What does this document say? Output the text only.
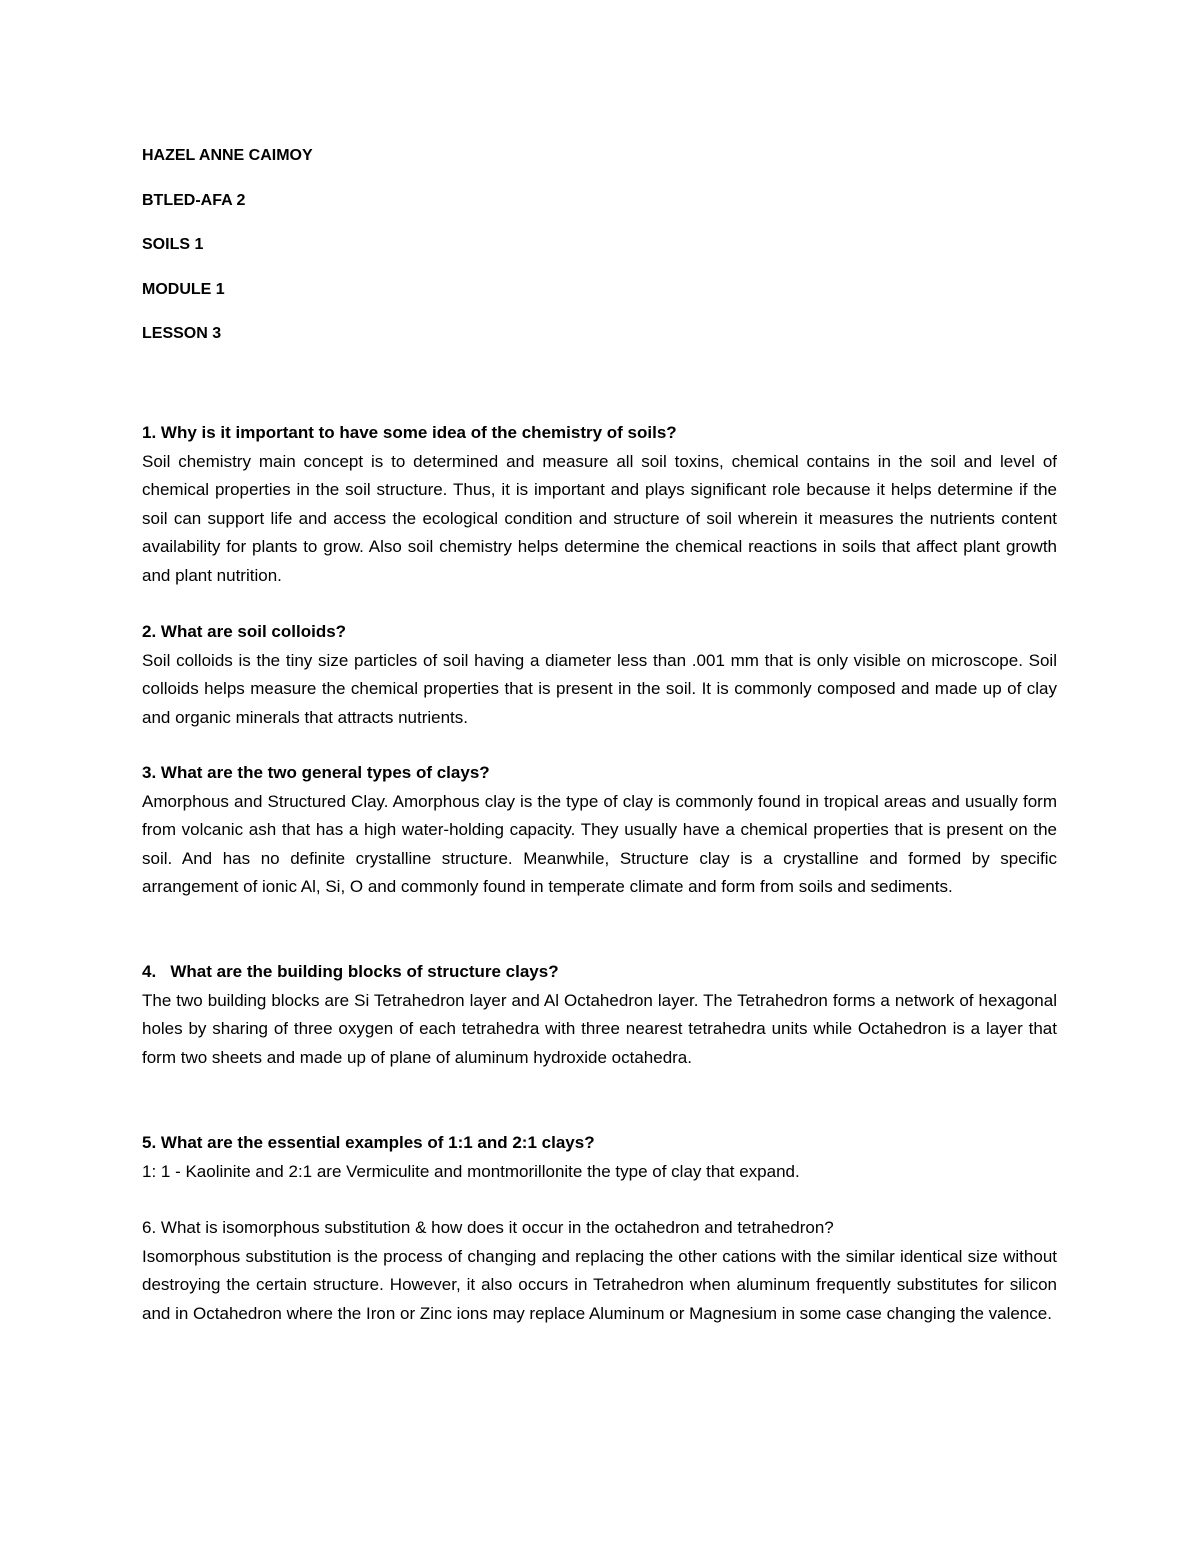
HAZEL ANNE CAIMOY
BTLED-AFA 2
SOILS 1
MODULE 1
LESSON 3
1. Why is it important to have some idea of the chemistry of soils?
Soil chemistry main concept is to determined and measure all soil toxins, chemical contains in the soil and level of chemical properties in the soil structure. Thus, it is important and plays significant role because it helps determine if the soil can support life and access the ecological condition and structure of soil wherein it measures the nutrients content availability for plants to grow. Also soil chemistry helps determine the chemical reactions in soils that affect plant growth and plant nutrition.
2. What are soil colloids?
Soil colloids is the tiny size particles of soil having a diameter less than .001 mm that is only visible on microscope. Soil colloids helps measure the chemical properties that is present in the soil. It is commonly composed and made up of clay and organic minerals that attracts nutrients.
3. What are the two general types of clays?
Amorphous and Structured Clay. Amorphous clay is the type of clay is commonly found in tropical areas and usually form from volcanic ash that has a high water-holding capacity. They usually have a chemical properties that is present on the soil. And has no definite crystalline structure. Meanwhile, Structure clay is a crystalline and formed by specific arrangement of ionic Al, Si, O and commonly found in temperate climate and form from soils and sediments.
4.   What are the building blocks of structure clays?
The two building blocks are Si Tetrahedron layer and Al Octahedron layer. The Tetrahedron forms a network of hexagonal holes by sharing of three oxygen of each tetrahedra with three nearest tetrahedra units while Octahedron is a layer that form two sheets and made up of plane of aluminum hydroxide octahedra.
5. What are the essential examples of 1:1 and 2:1 clays?
1: 1 - Kaolinite and 2:1 are Vermiculite and montmorillonite the type of clay that expand.
6. What is isomorphous substitution & how does it occur in the octahedron and tetrahedron?
Isomorphous substitution is the process of changing and replacing the other cations with the similar identical size without destroying the certain structure. However, it also occurs in Tetrahedron when aluminum frequently substitutes for silicon and in Octahedron where the Iron or Zinc ions may replace Aluminum or Magnesium in some case changing the valence.
